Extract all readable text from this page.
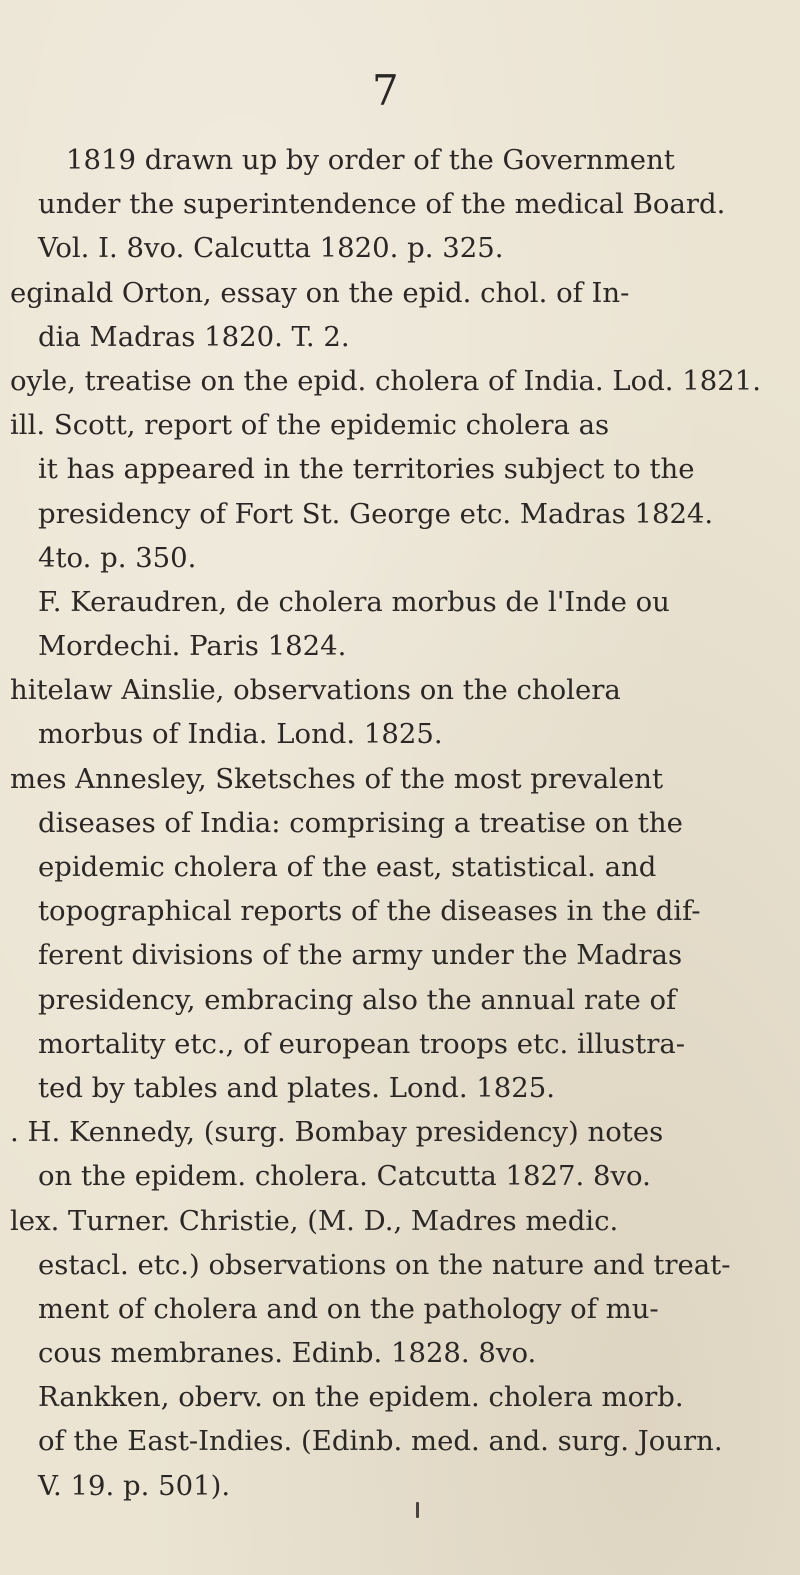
7
1819 drawn up by order of the Government
under the superintendence of the medical Board.
Vol. I. 8vo. Calcutta 1820. p. 325.
eginald Orton, essay on the epid. chol. of In-
dia Madras 1820. T. 2.
oyle, treatise on the epid. cholera of India. Lod. 1821.
ill. Scott, report of the epidemic cholera as
it has appeared in the territories subject to the
presidency of Fort St. George etc. Madras 1824.
4to. p. 350.
F. Keraudren, de cholera morbus de l'Inde ou
Mordechi. Paris 1824.
hitelaw Ainslie, observations on the cholera
morbus of India. Lond. 1825.
mes Annesley, Sketsches of the most prevalent
diseases of India: comprising a treatise on the
epidemic cholera of the east, statistical. and
topographical reports of the diseases in the dif-
ferent divisions of the army under the Madras
presidency, embracing also the annual rate of
mortality etc., of european troops etc. illustra-
ted by tables and plates. Lond. 1825.
. H. Kennedy, (surg. Bombay presidency) notes
on the epidem. cholera. Catcutta 1827. 8vo.
lex. Turner. Christie, (M. D., Madres medic.
estacl. etc.) observations on the nature and treat-
ment of cholera and on the pathology of mu-
cous membranes. Edinb. 1828. 8vo.
Rankken, oberv. on the epidem. cholera morb.
of the East-Indies. (Edinb. med. and. surg. Journ.
V. 19. p. 501).
